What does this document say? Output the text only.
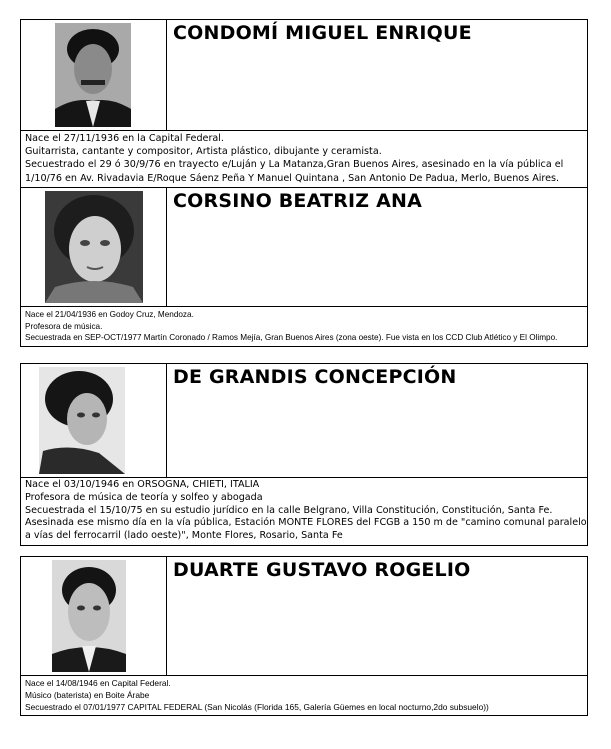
CONDOMÍ MIGUEL ENRIQUE
Nace el 27/11/1936 en la Capital Federal.
Guitarrista, cantante y compositor, Artista plástico, dibujante y ceramista.
Secuestrado el 29 ó 30/9/76 en trayecto e/Luján y La Matanza,Gran Buenos Aires, asesinado en la vía pública el
1/10/76 en Av. Rivadavia E/Roque Sáenz Peña Y Manuel Quintana , San Antonio De Padua, Merlo, Buenos Aires.
CORSINO BEATRIZ ANA
Nace el 21/04/1936 en Godoy Cruz, Mendoza.
Profesora de música.
Secuestrada en SEP-OCT/1977 Martín Coronado / Ramos Mejía, Gran Buenos Aires (zona oeste). Fue vista en los CCD Club Atlético y El Olimpo.
DE GRANDIS CONCEPCIÓN
Nace el 03/10/1946 en ORSOGNA, CHIETI, ITALIA
Profesora de música de teoría y solfeo y abogada
Secuestrada el 15/10/75 en su estudio jurídico en la calle Belgrano, Villa Constitución, Constitución, Santa Fe.
Asesinada ese mismo día en la vía pública, Estación MONTE FLORES del FCGB a 150 m de "camino comunal paralelo
a vías del ferrocarril (lado oeste)", Monte Flores, Rosario, Santa Fe
DUARTE GUSTAVO ROGELIO
Nace el 14/08/1946 en Capital Federal.
Músico (baterista) en Boite Árabe
Secuestrado el 07/01/1977 CAPITAL FEDERAL (San Nicolás (Florida 165, Galería Güemes en local nocturno,2do subsuelo))
